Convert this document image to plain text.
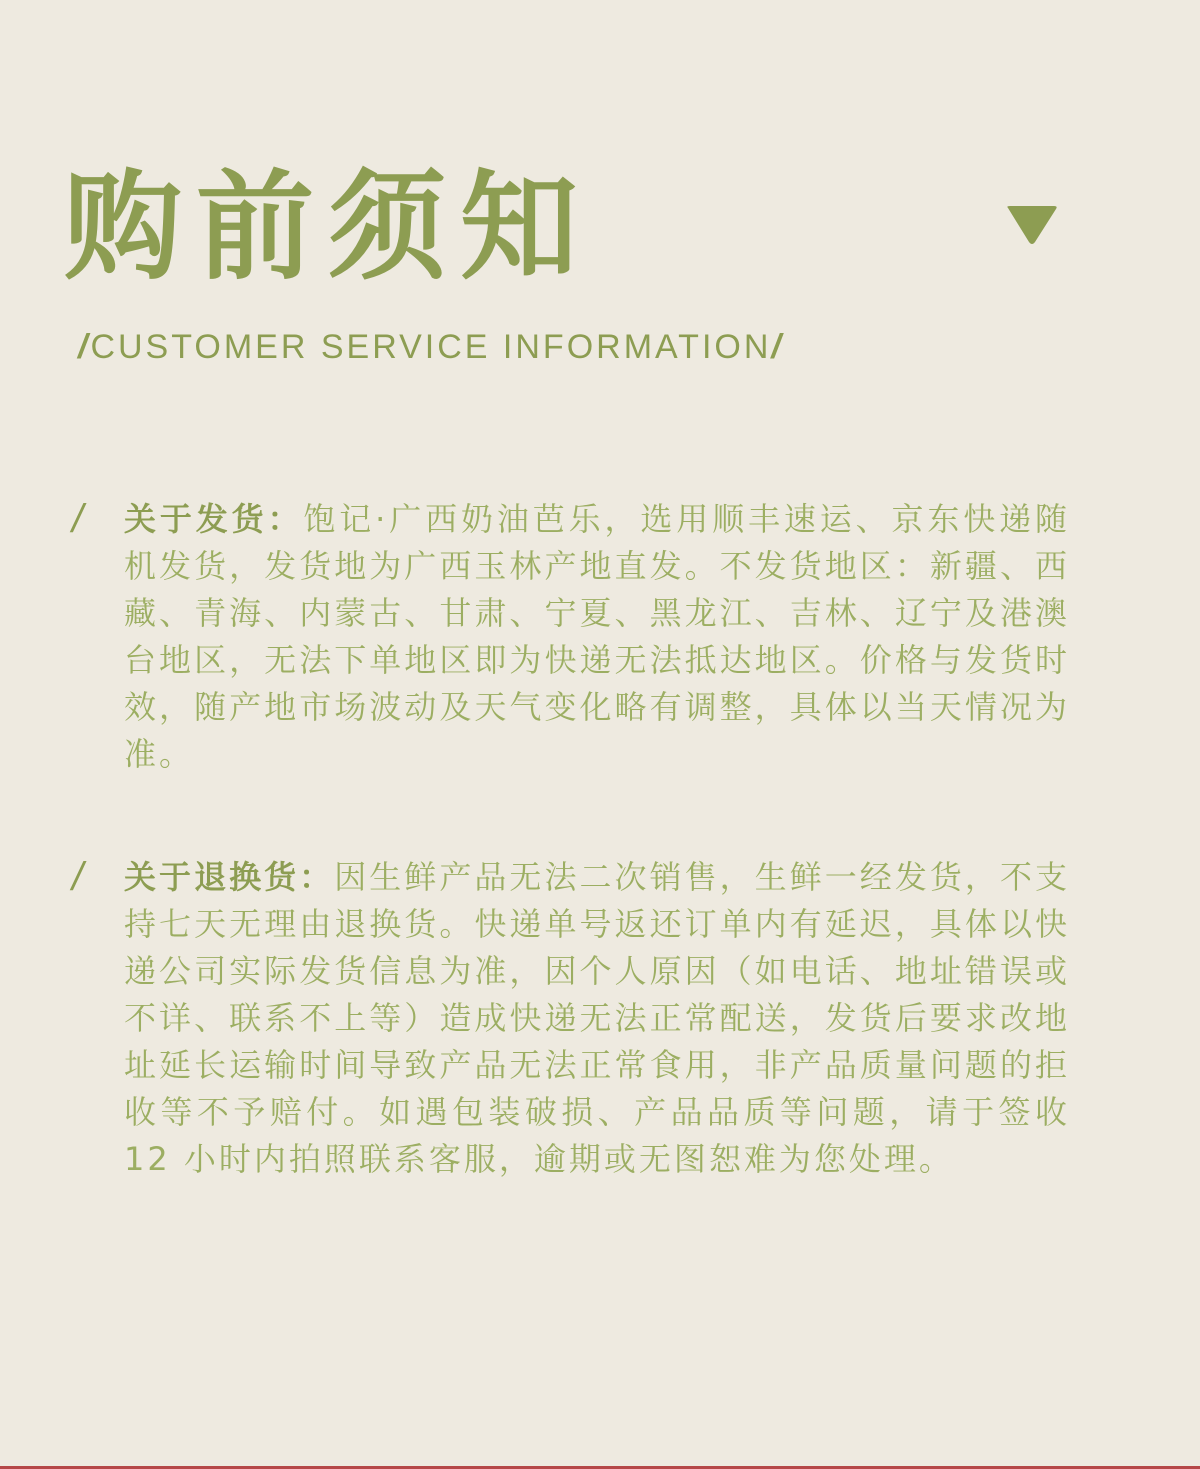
购前须知
/CUSTOMER SERVICE INFORMATION/
/ 关于发货：饱记·广西奶油芭乐，选用顺丰速运、京东快递随机发货，发货地为广西玉林产地直发。不发货地区：新疆、西藏、青海、内蒙古、甘肃、宁夏、黑龙江、吉林、辽宁及港澳台地区，无法下单地区即为快递无法抵达地区。价格与发货时效，随产地市场波动及天气变化略有调整，具体以当天情况为准。
/ 关于退换货：因生鲜产品无法二次销售，生鲜一经发货，不支持七天无理由退换货。快递单号返还订单内有延迟，具体以快递公司实际发货信息为准，因个人原因（如电话、地址错误或不详、联系不上等）造成快递无法正常配送，发货后要求改地址延长运输时间导致产品无法正常食用，非产品质量问题的拒收等不予赔付。如遇包装破损、产品品质等问题，请于签收 12 小时内拍照联系客服，逾期或无图恕难为您处理。
